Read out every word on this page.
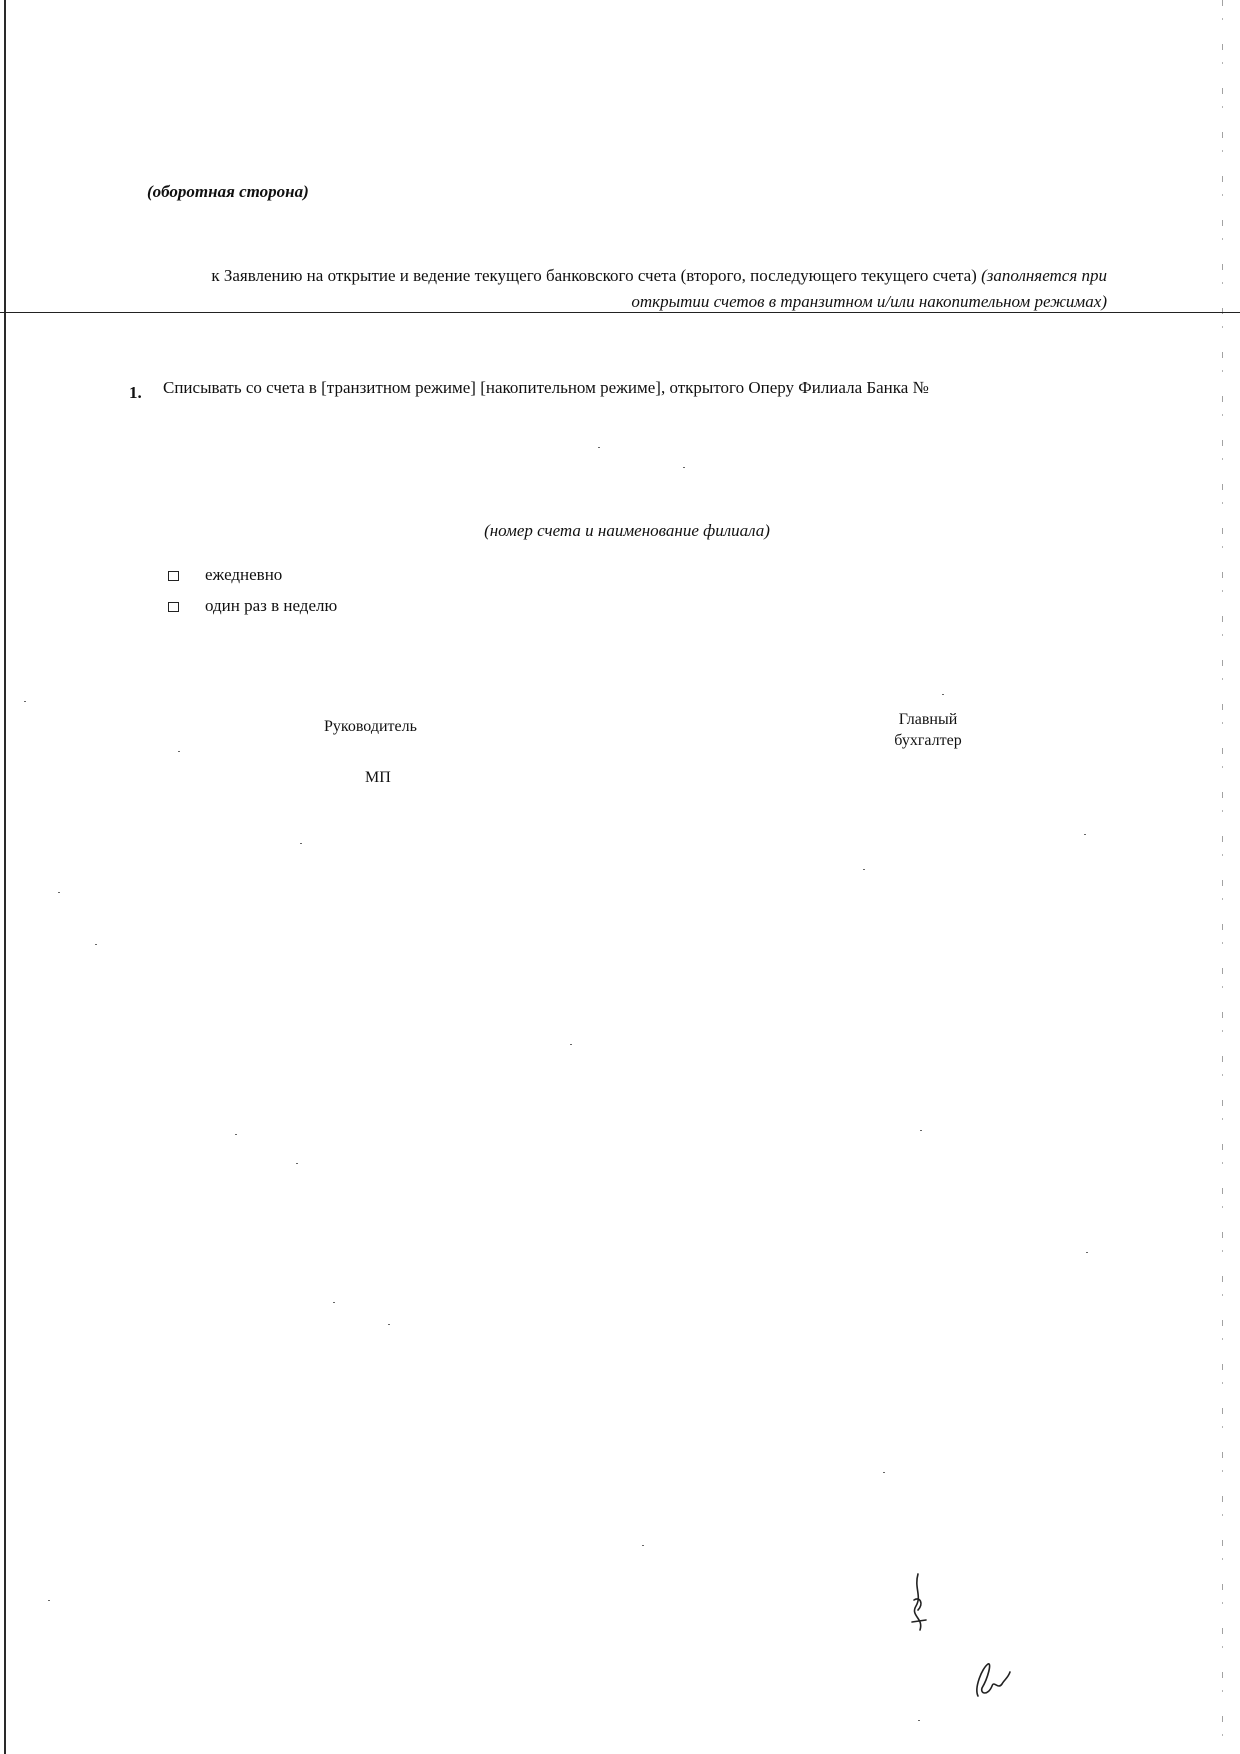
(оборотная сторона)
к Заявлению на открытие и ведение текущего банковского счета (второго, последующего текущего счета) (заполняется при открытии счетов в транзитном и/или накопительном режимах)
1. Списывать со счета в [транзитном режиме] [накопительном режиме], открытого Оперу Филиала Банка №
(номер счета и наименование филиала)
ежедневно
один раз в неделю
Руководитель	Главный бухгалтер
МП
